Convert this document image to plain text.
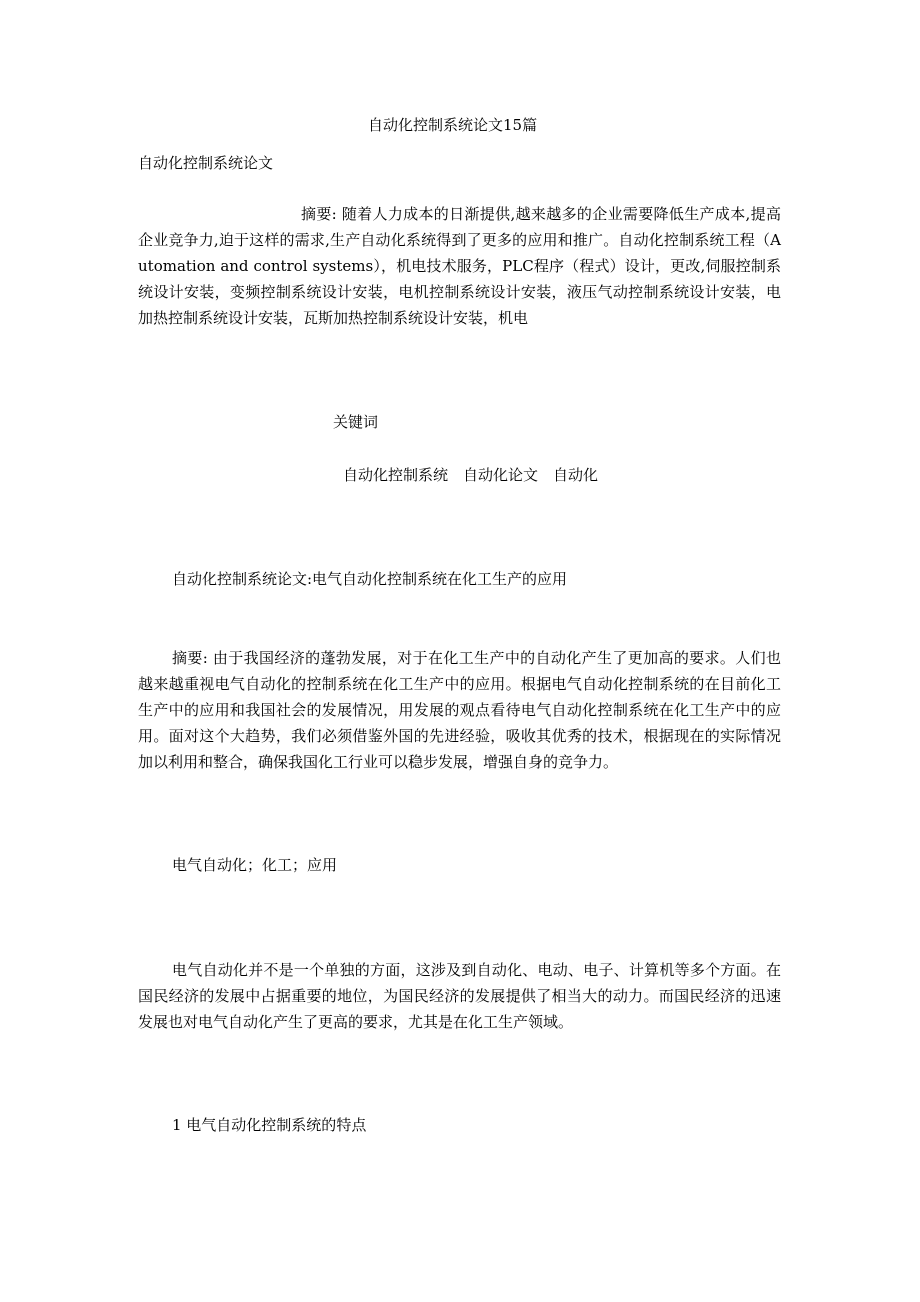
自动化控制系统论文15篇
自动化控制系统论文

摘要: 随着人力成本的日渐提供,越来越多的企业需要降低生产成本,提高企业竞争力,迫于这样的需求,生产自动化系统得到了更多的应用和推广。自动化控制系统工程（Automation and control systems），机电技术服务，PLC程序（程式）设计，更改,伺服控制系统设计安装，变频控制系统设计安装，电机控制系统设计安装，液压气动控制系统设计安装，电加热控制系统设计安装，瓦斯加热控制系统设计安装，机电

关键词
自动化控制系统　自动化论文　自动化
自动化控制系统论文:电气自动化控制系统在化工生产的应用

摘要: 由于我国经济的蓬勃发展，对于在化工生产中的自动化产生了更加高的要求。人们也越来越重视电气自动化的控制系统在化工生产中的应用。根据电气自动化控制系统的在目前化工生产中的应用和我国社会的发展情况，用发展的观点看待电气自动化控制系统在化工生产中的应用。面对这个大趋势，我们必须借鉴外国的先进经验，吸收其优秀的技术，根据现在的实际情况加以利用和整合，确保我国化工行业可以稳步发展，增强自身的竞争力。

电气自动化；化工；应用

电气自动化并不是一个单独的方面，这涉及到自动化、电动、电子、计算机等多个方面。在国民经济的发展中占据重要的地位，为国民经济的发展提供了相当大的动力。而国民经济的迅速发展也对电气自动化产生了更高的要求，尤其是在化工生产领域。

1 电气自动化控制系统的特点
